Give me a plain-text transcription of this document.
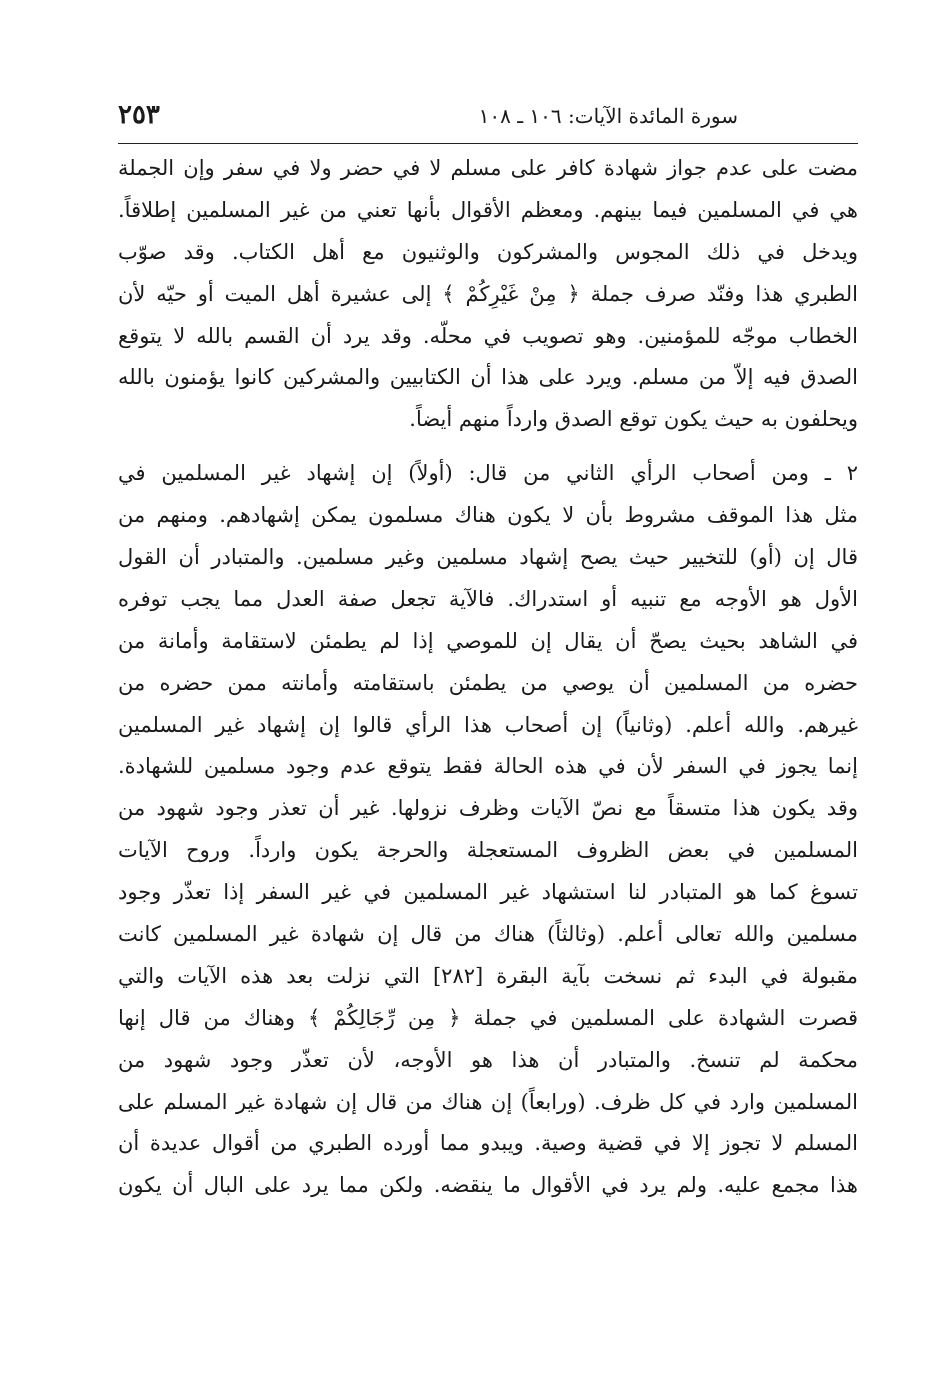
سورة المائدة الآيات: ١٠٦ ـ ١٠٨
٢٥٣
مضت على عدم جواز شهادة كافر على مسلم لا في حضر ولا في سفر وإن الجملة
هي في المسلمين فيما بينهم. ومعظم الأقوال بأنها تعني من غير المسلمين إطلاقاً.
ويدخل في ذلك المجوس والمشركون والوثنيون مع أهل الكتاب. وقد صوّب
الطبري هذا وفنّد صرف جملة ﴿ مِنْ غَيْرِكُمْ ﴾ إلى عشيرة أهل الميت أو حيّه لأن
الخطاب موجّه للمؤمنين. وهو تصويب في محلّه. وقد يرد أن القسم بالله لا يتوقع
الصدق فيه إلاّ من مسلم. ويرد على هذا أن الكتابيين والمشركين كانوا يؤمنون بالله
ويحلفون به حيث يكون توقع الصدق وارداً منهم أيضاً.
٢ ـ ومن أصحاب الرأي الثاني من قال: (أولاً) إن إشهاد غير المسلمين في
مثل هذا الموقف مشروط بأن لا يكون هناك مسلمون يمكن إشهادهم. ومنهم من
قال إن (أو) للتخيير حيث يصح إشهاد مسلمين وغير مسلمين. والمتبادر أن القول
الأول هو الأوجه مع تنبيه أو استدراك. فالآية تجعل صفة العدل مما يجب توفره
في الشاهد بحيث يصحّ أن يقال إن للموصي إذا لم يطمئن لاستقامة وأمانة من
حضره من المسلمين أن يوصي من يطمئن باستقامته وأمانته ممن حضره من
غيرهم. والله أعلم. (وثانياً) إن أصحاب هذا الرأي قالوا إن إشهاد غير المسلمين
إنما يجوز في السفر لأن في هذه الحالة فقط يتوقع عدم وجود مسلمين للشهادة.
وقد يكون هذا متسقاً مع نصّ الآيات وظرف نزولها. غير أن تعذر وجود شهود من
المسلمين في بعض الظروف المستعجلة والحرجة يكون وارداً. وروح الآيات
تسوغ كما هو المتبادر لنا استشهاد غير المسلمين في غير السفر إذا تعذّر وجود
مسلمين والله تعالى أعلم. (وثالثاً) هناك من قال إن شهادة غير المسلمين كانت
مقبولة في البدء ثم نسخت بآية البقرة [٢٨٢] التي نزلت بعد هذه الآيات والتي
قصرت الشهادة على المسلمين في جملة ﴿ مِن رِّجَالِكُمْ ﴾ وهناك من قال إنها
محكمة لم تنسخ. والمتبادر أن هذا هو الأوجه، لأن تعذّر وجود شهود من
المسلمين وارد في كل ظرف. (ورابعاً) إن هناك من قال إن شهادة غير المسلم على
المسلم لا تجوز إلا في قضية وصية. ويبدو مما أورده الطبري من أقوال عديدة أن
هذا مجمع عليه. ولم يرد في الأقوال ما ينقضه. ولكن مما يرد على البال أن يكون
